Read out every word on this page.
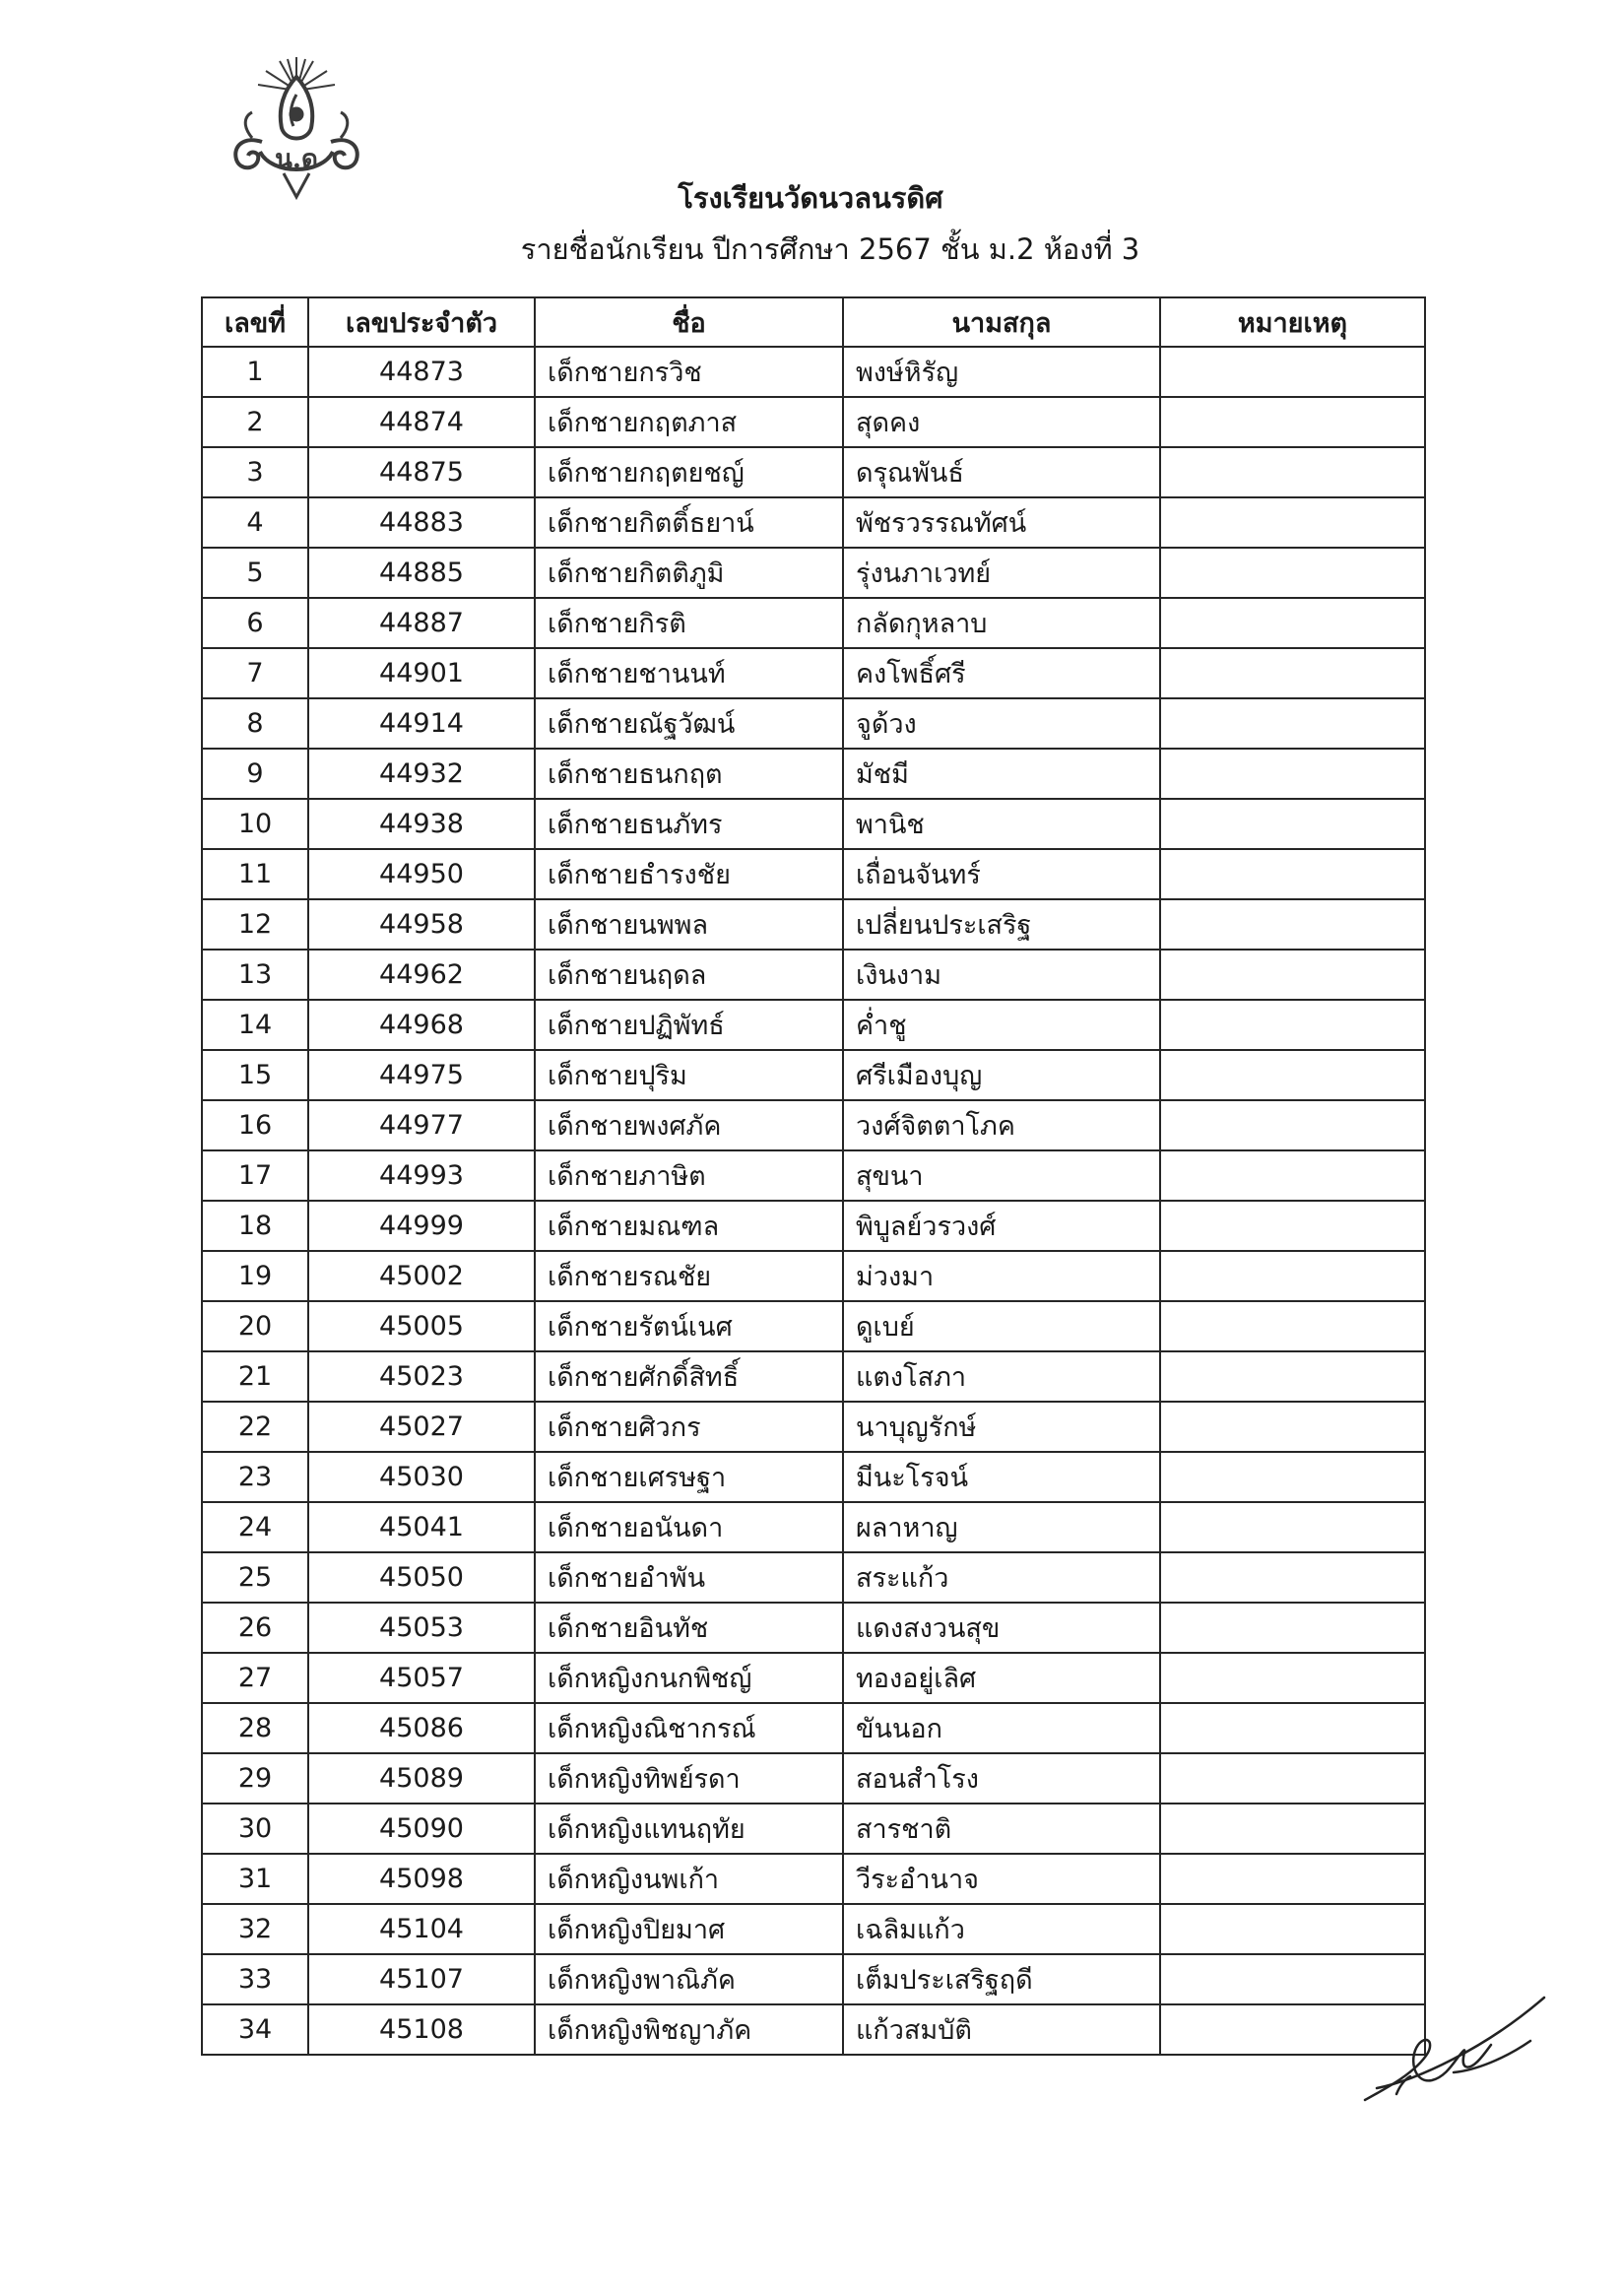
น.ด
โรงเรียนวัดนวลนรดิศ
รายชื่อนักเรียน ปีการศึกษา 2567 ชั้น ม.2 ห้องที่ 3
เลขที่	เลขประจำตัว	ชื่อ	นามสกุล	หมายเหตุ
1	44873	เด็กชายกรวิช	พงษ์หิรัญ	
2	44874	เด็กชายกฤตภาส	สุดคง	
3	44875	เด็กชายกฤตยชญ์	ดรุณพันธ์	
4	44883	เด็กชายกิตติ์ธยาน์	พัชรวรรณทัศน์	
5	44885	เด็กชายกิตติภูมิ	รุ่งนภาเวทย์	
6	44887	เด็กชายกิรติ	กลัดกุหลาบ	
7	44901	เด็กชายชานนท์	คงโพธิ์ศรี	
8	44914	เด็กชายณัฐวัฒน์	จูด้วง	
9	44932	เด็กชายธนกฤต	มัชมี	
10	44938	เด็กชายธนภัทร	พานิช	
11	44950	เด็กชายธำรงชัย	เถื่อนจันทร์	
12	44958	เด็กชายนพพล	เปลี่ยนประเสริฐ	
13	44962	เด็กชายนฤดล	เงินงาม	
14	44968	เด็กชายปฏิพัทธ์	ค่ำชู	
15	44975	เด็กชายปุริม	ศรีเมืองบุญ	
16	44977	เด็กชายพงศภัค	วงศ์จิตตาโภค	
17	44993	เด็กชายภาษิต	สุขนา	
18	44999	เด็กชายมณฑล	พิบูลย์วรวงศ์	
19	45002	เด็กชายรณชัย	ม่วงมา	
20	45005	เด็กชายรัตน์เนศ	ดูเบย์	
21	45023	เด็กชายศักดิ์สิทธิ์	แตงโสภา	
22	45027	เด็กชายศิวกร	นาบุญรักษ์	
23	45030	เด็กชายเศรษฐา	มีนะโรจน์	
24	45041	เด็กชายอนันดา	ผลาหาญ	
25	45050	เด็กชายอำพัน	สระแก้ว	
26	45053	เด็กชายอินทัช	แดงสงวนสุข	
27	45057	เด็กหญิงกนกพิชญ์	ทองอยู่เลิศ	
28	45086	เด็กหญิงณิชากรณ์	ขันนอก	
29	45089	เด็กหญิงทิพย์รดา	สอนสำโรง	
30	45090	เด็กหญิงแทนฤทัย	สารชาติ	
31	45098	เด็กหญิงนพเก้า	วีระอำนาจ	
32	45104	เด็กหญิงปิยมาศ	เฉลิมแก้ว	
33	45107	เด็กหญิงพาณิภัค	เต็มประเสริฐฤดี	
34	45108	เด็กหญิงพิชญาภัค	แก้วสมบัติ	
